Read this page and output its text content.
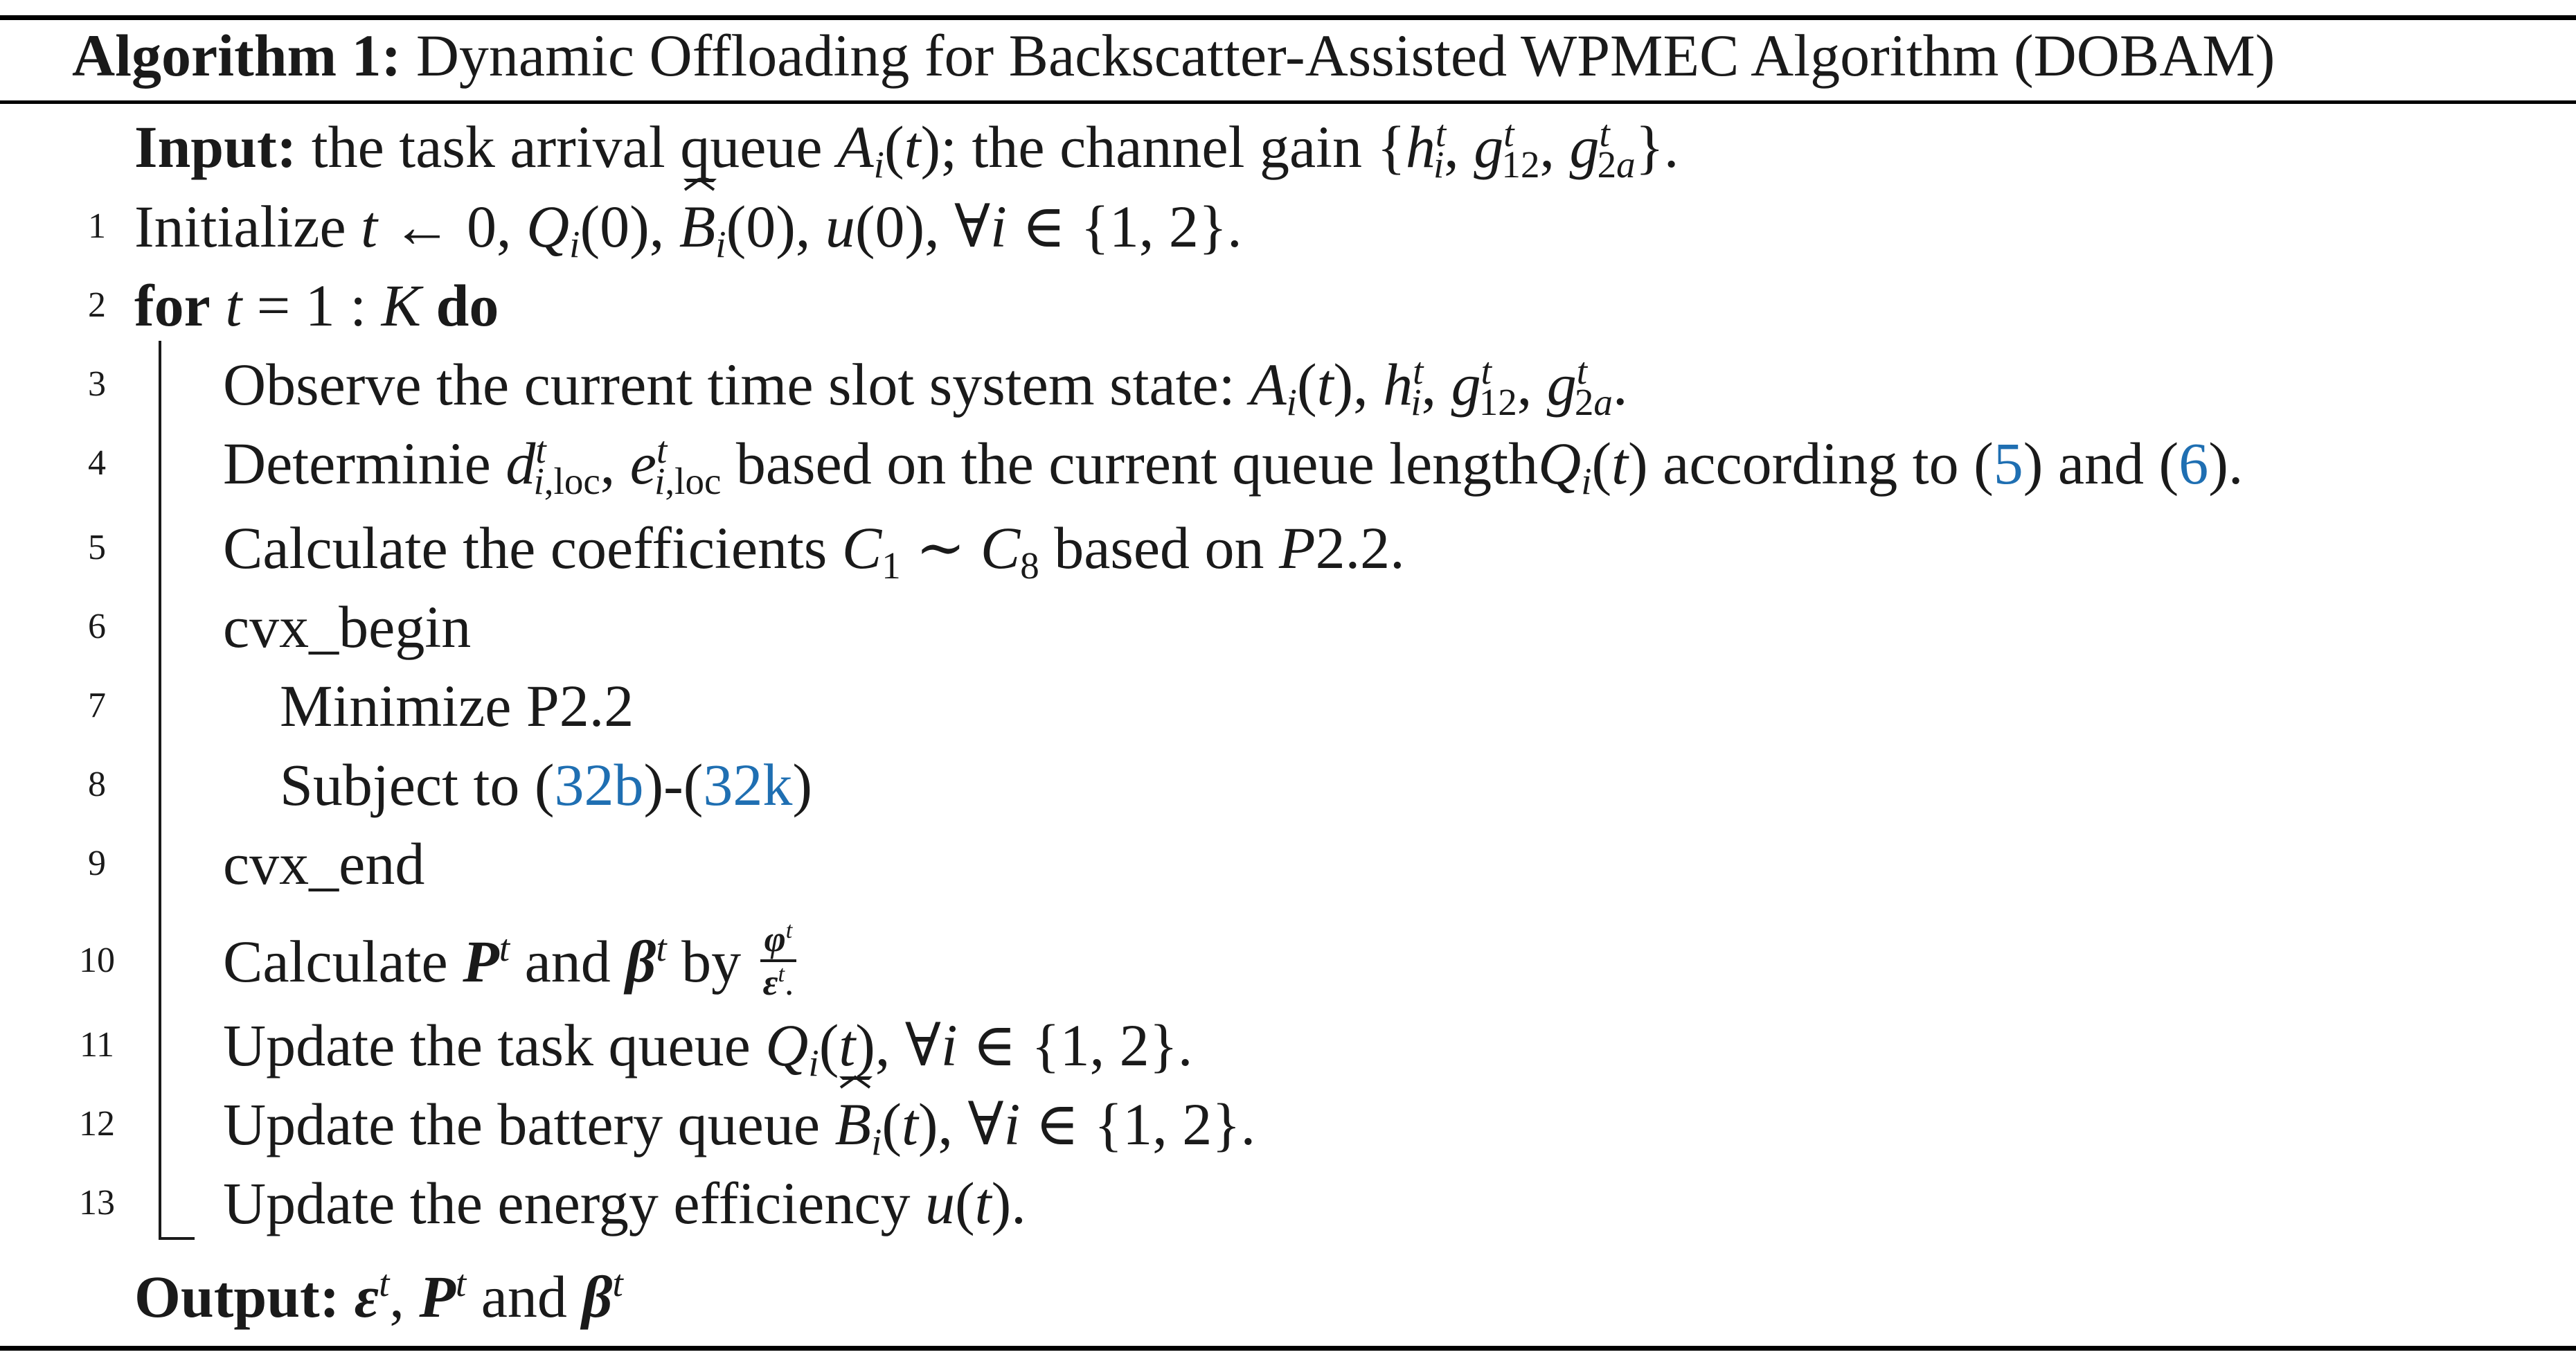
Algorithm 1: Dynamic Offloading for Backscatter-Assisted WPMEC Algorithm (DOBAM)
Input: the task arrival queue $A_i(t)$; the channel gain {$h^t_i$, $g^t_{12}$, $g^t_{2a}$}.
1 Initialize t ← 0, $Q_i(0)$,
$B_i(0)$, u(0), ∀i ∈ {1, 2}.
2 for t = 1 : K do
3	Observe the current time slot system state: $A_i(t)$, $h^t_i$, $g^t_{12}$, $g^t_{2a}$.
4	Determinie $d^t_{i,loc}$, $e^t_{i,loc}$ based on the current queue lengthQ$_i$(t) according to (5) and (6).
5	Calculate the coefficients $C_1$ ∼ $C_8$ based on P2.2.
6	cvx_begin
7	Minimize P2.2
8	Subject to (32b)-(32k)
9	cvx_end
10 Calculate $P^t$ and $\beta^t$ by $\frac{\varphi^t}{\varepsilon^t.}$
11 Update the task queue $Q_i(t)$, ∀i ∈ {1, 2}.
12 Update the battery queue $B_i(t)$, ∀i ∈ {1, 2}.
13 Update the energy efficiency u(t).
Output: $\varepsilon^t$, $P^t$ and $\beta^t$
